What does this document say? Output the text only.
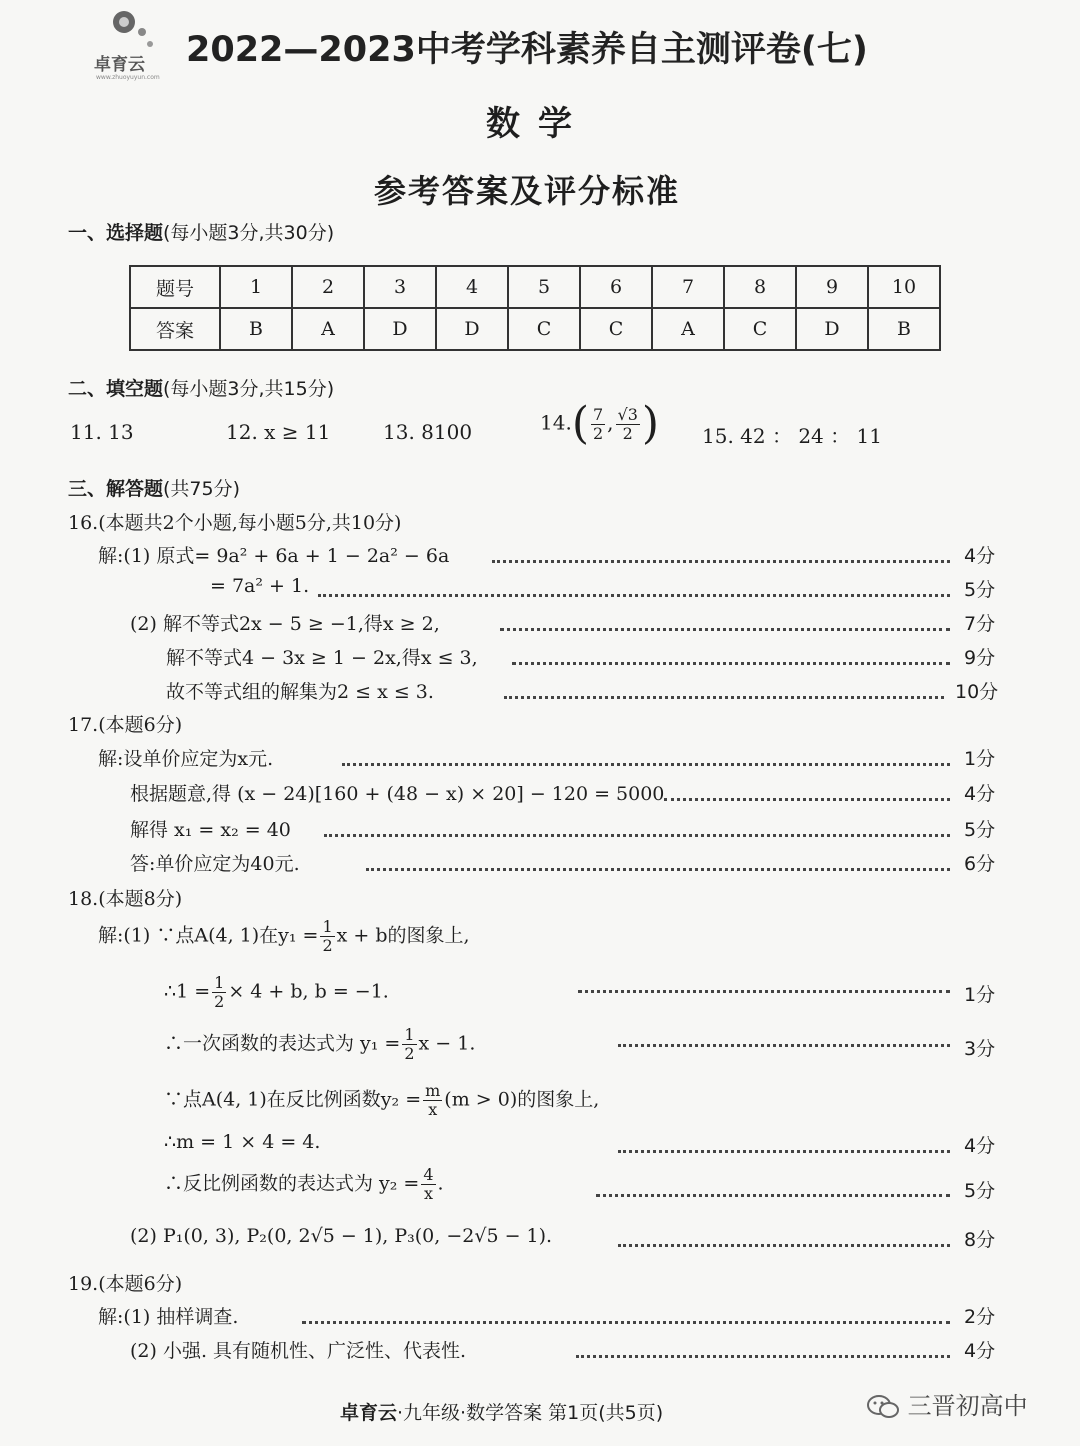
卓育云
www.zhuoyuyun.com
2022—2023中考学科素养自主测评卷(七)
数学
参考答案及评分标准
一、选择题(每小题3分,共30分)
题号	1	2	3	4	5	6	7	8	9	10
答案	B	A	D	D	C	C	A	C	D	B
二、填空题(每小题3分,共15分)
11. 13	12. x ≥ 11	13. 8100	$14.( \frac{7}{2}$ , $\frac{√3}{2}$ ) 15. 42 ： 24 ： 11
三、解答题(共75分)
16.(本题共2个小题,每小题5分,共10分)
解:(1) 原式= 9a² + 6a + 1 − 2a² − 6a	4分
= 7a² + 1.	5分
(2) 解不等式2x − 5 ≥ −1,得x ≥ 2,	7分
解不等式4 − 3x ≥ 1 − 2x,得x ≤ 3,	9分
故不等式组的解集为2 ≤ x ≤ 3.	10分
17.(本题6分)
解:设单价应定为x元.	1分
根据题意,得 (x − 24)[160 + (48 − x) × 20] − 120 = 5000	4分
解得 x₁ = x₂ = 40	5分
答:单价应定为40元.	6分
18.(本题8分)
解:(1) ∵点A(4, 1)在$y_1 = \frac{1}{2}$ x + b的图象上,
∴1 = $\frac{1}{2} \times 4 + b$, b = −1.	1分
∴一次函数的表达式为 $y_1 = \frac{1}{2}$ x − 1.	3分
∵点A(4, 1)在反比例函数$y_2 = \frac{m}{x} (m > 0)$的图象上,
∴m = 1 × 4 = 4.	4分
∴反比例函数的表达式为 $y_2 = \frac{4}{x}$ .	5分
(2) P₁(0, 3), P₂(0, 2√5 − 1), P₃(0, −2√5 − 1).	8分
19.(本题6分)
解:(1) 抽样调查.	2分
(2) 小强. 具有随机性、广泛性、代表性.	4分
卓育云·九年级·数学答案 第1页(共5页)	三晋初高中
